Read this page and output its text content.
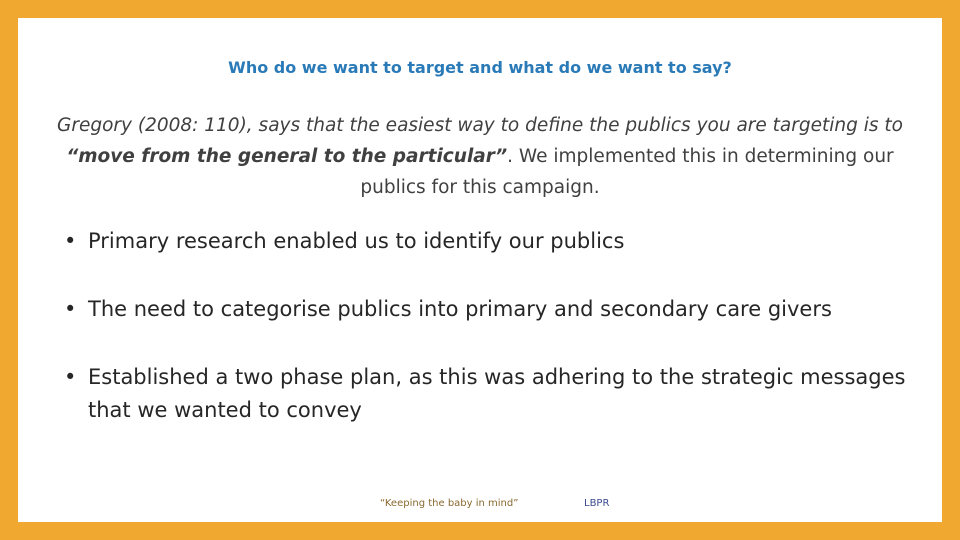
Who do we want to target and what do we want to say?
Gregory (2008: 110), says that the easiest way to define the publics you are targeting is to “move from the general to the particular”. We implemented this in determining our publics for this campaign.
• Primary research enabled us to identify our publics
• The need to categorise publics into primary and secondary care givers
• Established a two phase plan, as this was adhering to the strategic messages that we wanted to convey
“Keeping the baby in mind”	LBPR
